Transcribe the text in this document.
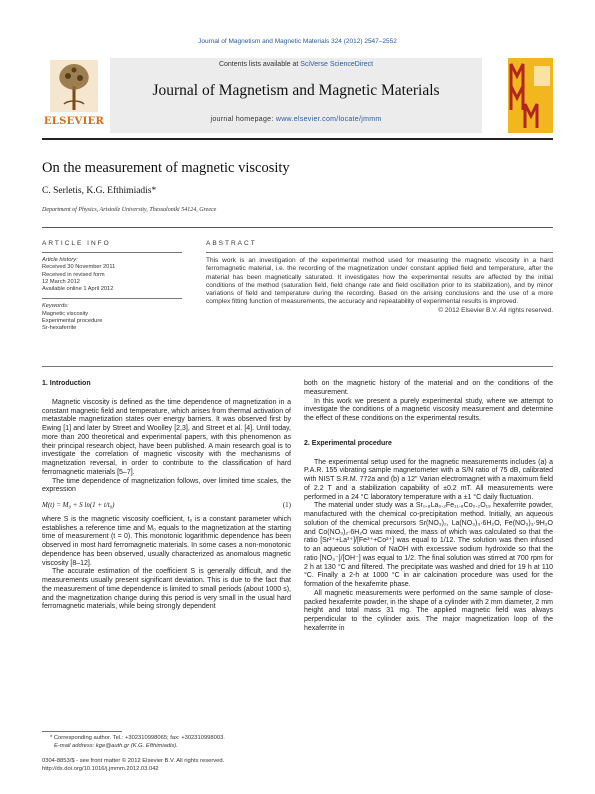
Journal of Magnetism and Magnetic Materials 324 (2012) 2547–2552
ELSEVIER
Contents lists available at SciVerse ScienceDirect
Journal of Magnetism and Magnetic Materials
journal homepage: www.elsevier.com/locate/jmmm
On the measurement of magnetic viscosity
C. Serletis, K.G. Efthimiadis*
Department of Physics, Aristotle University, Thessaloniki 54124, Greece
ARTICLE INFO
Article history:
Received 30 November 2011
Received in revised form
12 March 2012
Available online 1 April 2012
Keywords:
Magnetic viscosity
Experimental procedure
Sr-hexaferrite
ABSTRACT
This work is an investigation of the experimental method used for measuring the magnetic viscosity in a hard ferromagnetic material, i.e. the recording of the magnetization under constant applied field and temperature, after the material has been magnetically saturated. It investigates how the experimental results are affected by the initial conditions of the method (saturation field, field change rate and field oscillation prior to its stabilization), and by minor variations of field and temperature during the recording. Based on the arising conclusions and the use of a more complex fitting function of measurements, the accuracy and repeatability of experimental results is improved.
© 2012 Elsevier B.V. All rights reserved.
1. Introduction

Magnetic viscosity is defined as the time dependence of magnetization in a constant magnetic field and temperature, which arises from thermal activation of metastable magnetization states over energy barriers. It was observed first by Ewing [1] and later by Street and Woolley [2,3], and Street et al. [4]. Until today, more than 200 theoretical and experimental papers, with this phenomenon as their principal research object, have been published. A main research goal is to investigate the correlation of magnetic viscosity with the mechanisms of magnetization reversal, in order to contribute to the classification of hard ferromagnetic materials [5–7].

The time dependence of magnetization follows, over limited time scales, the expression

M(t) = M₀ + S ln(1 + t/t₀)	(1)

where S is the magnetic viscosity coefficient, t₀ is a constant parameter which establishes a reference time and M₀ equals to the magnetization at the starting time of measurement (t = 0). This monotonic logarithmic dependence has been observed in most hard ferromagnetic materials. In some cases a non-monotonic dependence has been observed, usually characterized as anomalous magnetic viscosity [8–12].

The accurate estimation of the coefficient S is generally difficult, and the measurements usually present significant deviation. This is due to the fact that the measurement of time dependence is limited to small periods (about 1000 s), and the magnetization change during this period is very small in the usual hard ferromagnetic materials, while being strongly dependent

both on the magnetic history of the material and on the conditions of the measurement.

In this work we present a purely experimental study, where we attempt to investigate the conditions of a magnetic viscosity measurement and determine the effect of these conditions on the experimental results.

2. Experimental procedure

The experimental setup used for the magnetic measurements includes (a) a P.A.R. 155 vibrating sample magnetometer with a S/N ratio of 75 dB, calibrated with NIST S.R.M. 772a and (b) a 12" Varian electromagnet with a maximum field of 2.2 T and a stabilization capability of ±0.2 mT. All measurements were performed in a 24 °C laboratory temperature with a ±1 °C daily fluctuation.

The material under study was a Sr₀.₈La₀.₂Fe₁₁.₈Co₀.₂O₁₉ hexaferrite powder, manufactured with the chemical co-precipitation method. Initially, an aqueous solution of the chemical precursors Sr(NO₃)₂, La(NO₃)₃·6H₂O, Fe(NO₃)₃·9H₂O and Co(NO₃)₂·6H₂O was mixed, the mass of which was calculated so that the ratio [Sr²⁺+La³⁺]/[Fe³⁺+Co²⁺] was equal to 1/12. The solution was then infused to an aqueous solution of NaOH with excessive sodium hydroxide so that the ratio [NO₃⁻]/[OH⁻] was equal to 1/2. The final solution was stirred at 700 rpm for 2 h at 130 °C and filtered. The precipitate was washed and dried for 19 h at 110 °C. Finally a 2-h at 1000 °C in air calcination procedure was used for the formation of the hexaferrite phase.

All magnetic measurements were performed on the same sample of close-packed hexaferrite powder, in the shape of a cylinder with 2 mm diameter, 2 mm height and total mass 31 mg. The applied magnetic field was always perpendicular to the cylinder axis. The major magnetization loop of the hexaferrite in

* Corresponding author. Tel.: +302310998065; fax: +302310998003.
E-mail address: kge@auth.gr (K.G. Efthimiadis).
0304-8853/$ - see front matter © 2012 Elsevier B.V. All rights reserved.
http://dx.doi.org/10.1016/j.jmmm.2012.03.042
